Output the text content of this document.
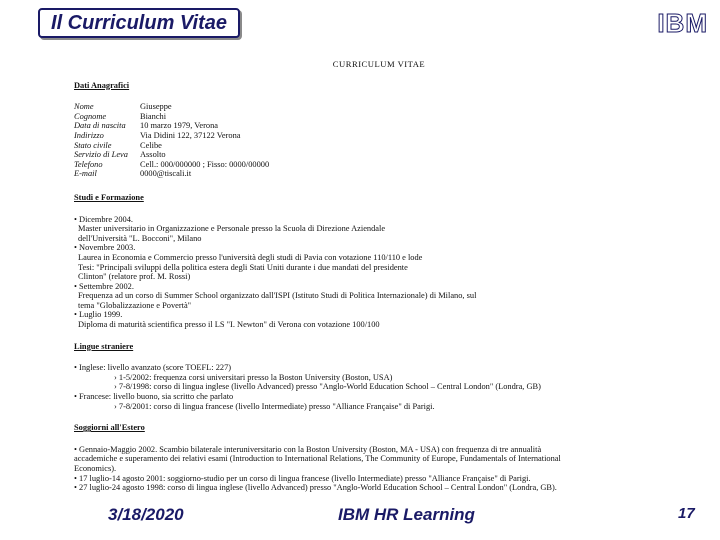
Il Curriculum Vitae	IBM
CURRICULUM VITAE
Dati Anagrafici
Nome	Giuseppe
Cognome	Bianchi
Data di nascita	10 marzo 1979, Verona
Indirizzo	Via Didini 122, 37122 Verona
Stato civile	Celibe
Servizio di Leva	Assolto
Telefono	Cell.: 000/000000 ; Fisso: 0000/00000
E-mail	0000@tiscali.it
Studi e Formazione
• Dicembre 2004.
Master universitario in Organizzazione e Personale presso la Scuola di Direzione Aziendale
dell'Università "L. Bocconi", Milano
• Novembre 2003.
Laurea in Economia e Commercio presso l'università degli studi di Pavia con votazione 110/110 e lode
Tesi: "Principali sviluppi della politica estera degli Stati Uniti durante i due mandati del presidente
Clinton" (relatore prof. M. Rossi)
• Settembre 2002.
Frequenza ad un corso di Summer School organizzato dall'ISPI (Istituto Studi di Politica Internazionale) di Milano, sul
tema "Globalizzazione e Povertà"
• Luglio 1999.
Diploma di maturità scientifica presso il LS "I. Newton" di Verona con votazione 100/100
Lingue straniere
• Inglese: livello avanzato (score TOEFL: 227)
› 1-5/2002: frequenza corsi universitari presso la Boston University (Boston, USA)
› 7-8/1998: corso di lingua inglese (livello Advanced) presso "Anglo-World Education School – Central London" (Londra, GB)
• Francese: livello buono, sia scritto che parlato
› 7-8/2001: corso di lingua francese (livello Intermediate) presso "Alliance Française" di Parigi.
Soggiorni all'Estero
• Gennaio-Maggio 2002. Scambio bilaterale interuniversitario con la Boston University (Boston, MA - USA) con frequenza di tre annualità
accademiche e superamento dei relativi esami (Introduction to International Relations, The Community of Europe, Fundamentals of International
Economics).
• 17 luglio-14 agosto 2001: soggiorno-studio per un corso di lingua francese (livello Intermediate) presso "Alliance Française" di Parigi.
• 27 luglio-24 agosto 1998: corso di lingua inglese (livello Advanced) presso "Anglo-World Education School – Central London" (Londra, GB).
3/18/2020	IBM HR Learning	17
